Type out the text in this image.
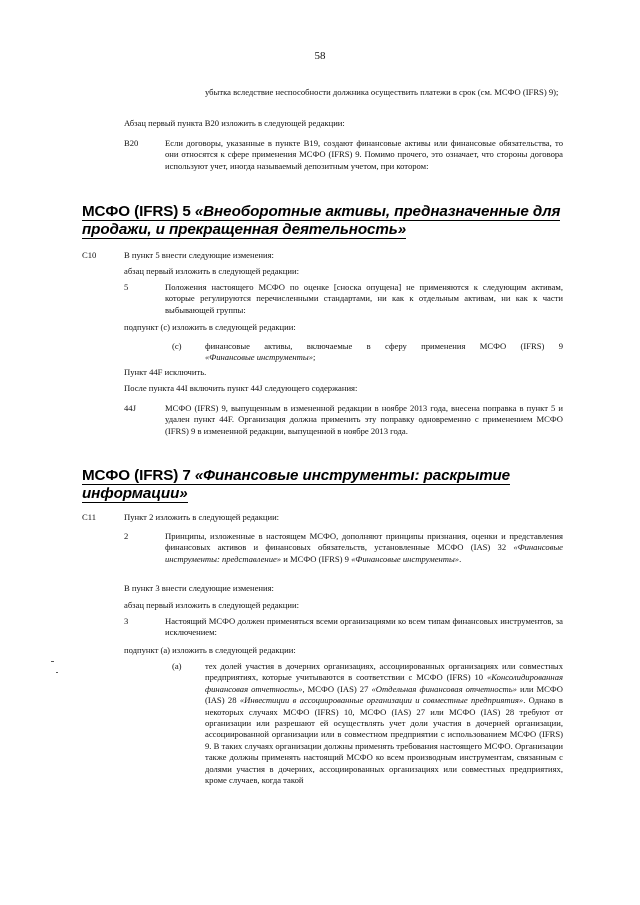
58
убытка вследствие неспособности должника осуществить платежи в срок (см. МСФО (IFRS) 9);
Абзац первый пункта B20 изложить в следующей редакции:
B20	Если договоры, указанные в пункте B19, создают финансовые активы или финансовые обязательства, то они относятся к сфере применения МСФО (IFRS) 9. Помимо прочего, это означает, что стороны договора используют учет, иногда называемый депозитным учетом, при котором:
МСФО (IFRS) 5 «Внеоборотные активы, предназначенные для продажи, и прекращенная деятельность»
C10	В пункт 5 внести следующие изменения:
абзац первый изложить в следующей редакции:
5	Положения настоящего МСФО по оценке [сноска опущена] не применяются к следующим активам, которые регулируются перечисленными стандартами, ни как к отдельным активам, ни как к части выбывающей группы:
подпункт (c) изложить в следующей редакции:
(c)	финансовые активы, включаемые в сферу применения МСФО (IFRS) 9
«Финансовые инструменты»;
Пункт 44F исключить.
После пункта 44I включить пункт 44J следующего содержания:
44J	МСФО (IFRS) 9, выпущенным в измененной редакции в ноябре 2013 года, внесена поправка в пункт 5 и удален пункт 44F. Организация должна применить эту поправку одновременно с применением МСФО (IFRS) 9 в измененной редакции, выпущенной в ноябре 2013 года.
МСФО (IFRS) 7 «Финансовые инструменты: раскрытие информации»
C11	Пункт 2 изложить в следующей редакции:
2	Принципы, изложенные в настоящем МСФО, дополняют принципы признания, оценки и представления финансовых активов и финансовых обязательств, установленные МСФО (IAS) 32 «Финансовые инструменты: представление» и МСФО (IFRS) 9 «Финансовые инструменты».
В пункт 3 внести следующие изменения:
абзац первый изложить в следующей редакции:
3	Настоящий МСФО должен применяться всеми организациями ко всем типам финансовых инструментов, за исключением:
подпункт (a) изложить в следующей редакции:
(a)	тех долей участия в дочерних организациях, ассоциированных организациях или совместных предприятиях, которые учитываются в соответствии с МСФО (IFRS) 10 «Консолидированная финансовая отчетность», МСФО (IAS) 27 «Отдельная финансовая отчетность» или МСФО (IAS) 28 «Инвестиции в ассоциированные организации и совместные предприятия». Однако в некоторых случаях МСФО (IFRS) 10, МСФО (IAS) 27 или МСФО (IAS) 28 требуют от организации или разрешают ей осуществлять учет доли участия в дочерней организации, ассоциированной организации или в совместном предприятии с использованием МСФО (IFRS) 9. В таких случаях организации должны применять требования настоящего МСФО. Организации также должны применять настоящий МСФО ко всем производным инструментам, связанным с долями участия в дочерних, ассоциированных организациях или совместных предприятиях, кроме случаев, когда такой
